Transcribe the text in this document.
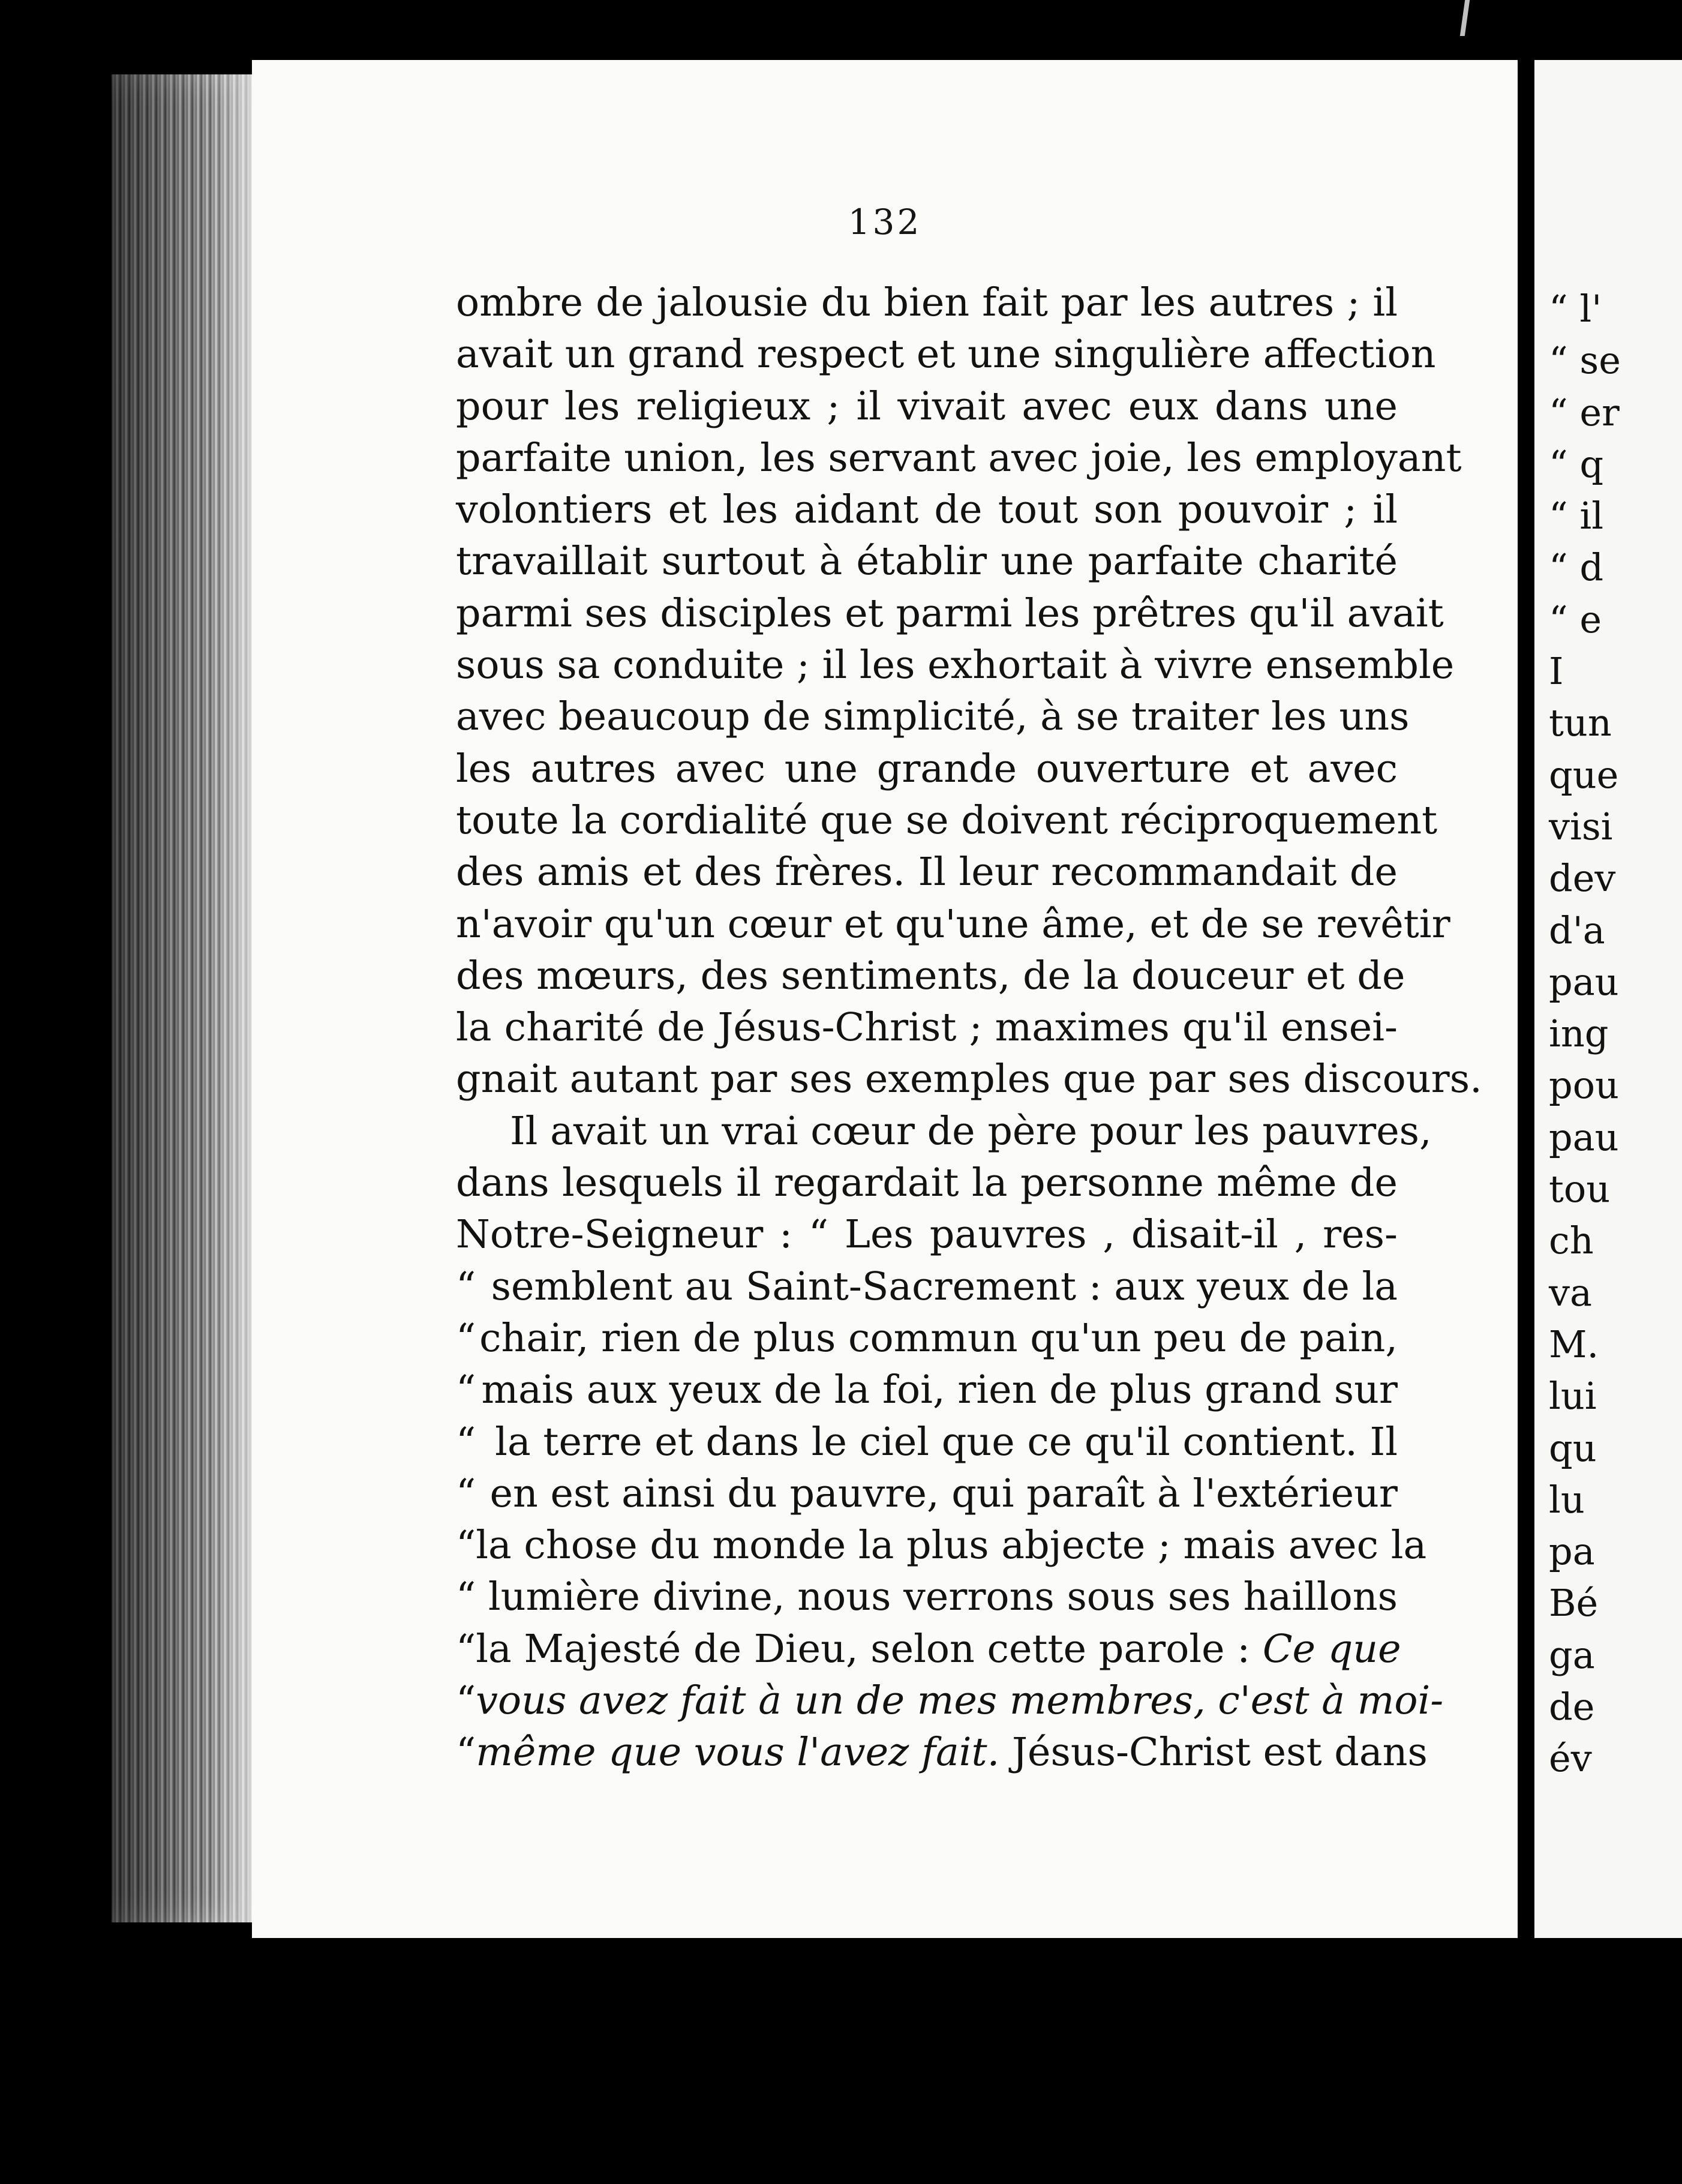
132
ombre de jalousie du bien fait par les autres ; il
avait un grand respect et une singulière affection
pour les religieux ; il vivait avec eux dans une
parfaite union, les servant avec joie, les employant
volontiers et les aidant de tout son pouvoir ; il
travaillait surtout à établir une parfaite charité
parmi ses disciples et parmi les prêtres qu'il avait
sous sa conduite ; il les exhortait à vivre ensemble
avec beaucoup de simplicité, à se traiter les uns
les autres avec une grande ouverture et avec
toute la cordialité que se doivent réciproquement
des amis et des frères. Il leur recommandait de
n'avoir qu'un cœur et qu'une âme, et de se revêtir
des mœurs, des sentiments, de la douceur et de
la charité de Jésus-Christ ; maximes qu'il ensei-
gnait autant par ses exemples que par ses discours.
Il avait un vrai cœur de père pour les pauvres,
dans lesquels il regardait la personne même de
Notre-Seigneur : “ Les pauvres , disait-il , res-
“ semblent au Saint-Sacrement : aux yeux de la
“ chair, rien de plus commun qu'un peu de pain,
“ mais aux yeux de la foi, rien de plus grand sur
“ la terre et dans le ciel que ce qu'il contient. Il
“ en est ainsi du pauvre, qui paraît à l'extérieur
“ la chose du monde la plus abjecte ; mais avec la
“ lumière divine, nous verrons sous ses haillons
“ la Majesté de Dieu, selon cette parole : Ce que
“ vous avez fait à un de mes membres, c'est à moi-
“ même que vous l'avez fait. Jésus-Christ est dans
“ l'
“ se
“ er
“ q
“ il
“ d
“ e
I
tun
que
visi
dev
d'a
pau
ing
pou
pau
tou
ch
va
M.
lui
qu
lu
pa
Bé
ga
de
év
